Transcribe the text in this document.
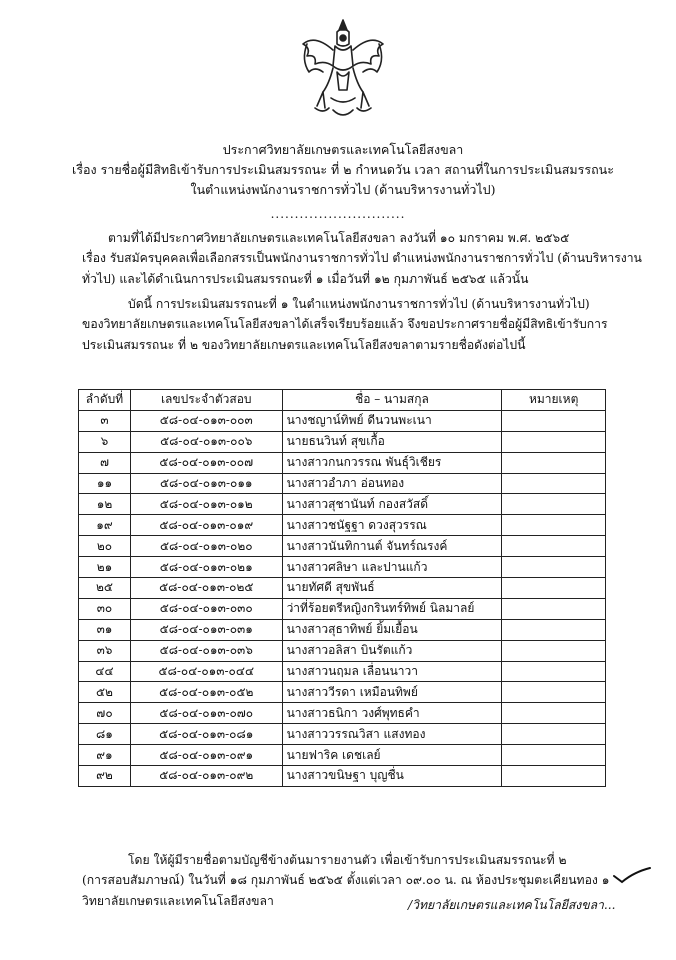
ประกาศวิทยาลัยเกษตรและเทคโนโลยีสงขลา
เรื่อง รายชื่อผู้มีสิทธิเข้ารับการประเมินสมรรถนะ ที่ ๒ กำหนดวัน เวลา สถานที่ในการประเมินสมรรถนะ
ในตำแหน่งพนักงานราชการทั่วไป (ด้านบริหารงานทั่วไป)
............................
ตามที่ได้มีประกาศวิทยาลัยเกษตรและเทคโนโลยีสงขลา ลงวันที่ ๑๐ มกราคม พ.ศ. ๒๕๖๕
เรื่อง รับสมัครบุคคลเพื่อเลือกสรรเป็นพนักงานราชการทั่วไป ตำแหน่งพนักงานราชการทั่วไป (ด้านบริหารงาน
ทั่วไป) และได้ดำเนินการประเมินสมรรถนะที่ ๑ เมื่อวันที่ ๑๒ กุมภาพันธ์ ๒๕๖๕ แล้วนั้น
บัดนี้ การประเมินสมรรถนะที่ ๑ ในตำแหน่งพนักงานราชการทั่วไป (ด้านบริหารงานทั่วไป)
ของวิทยาลัยเกษตรและเทคโนโลยีสงขลาได้เสร็จเรียบร้อยแล้ว จึงขอประกาศรายชื่อผู้มีสิทธิเข้ารับการ
ประเมินสมรรถนะ ที่ ๒ ของวิทยาลัยเกษตรและเทคโนโลยีสงขลาตามรายชื่อดังต่อไปนี้
ลำดับที่	เลขประจำตัวสอบ	ชื่อ – นามสกุล	หมายเหตุ
๓	๕๘-๐๔-๐๑๓-๐๐๓	นางชญาน์ทิพย์ ดีนวนพะเนา	
๖	๕๘-๐๔-๐๑๓-๐๐๖	นายธนวินท์ สุขเกื้อ	
๗	๕๘-๐๔-๐๑๓-๐๐๗	นางสาวกนกวรรณ พันธุ์วิเชียร	
๑๑	๕๘-๐๔-๐๑๓-๐๑๑	นางสาวอำภา อ่อนทอง	
๑๒	๕๘-๐๔-๐๑๓-๐๑๒	นางสาวสุชานันท์ กองสวัสดิ์	
๑๙	๕๘-๐๔-๐๑๓-๐๑๙	นางสาวชนัฐฐา ดวงสุวรรณ	
๒๐	๕๘-๐๔-๐๑๓-๐๒๐	นางสาวนันทิกานต์ จันทร์ณรงค์	
๒๑	๕๘-๐๔-๐๑๓-๐๒๑	นางสาวศลิษา และปานแก้ว	
๒๕	๕๘-๐๔-๐๑๓-๐๒๕	นายทัศดี สุขพันธ์	
๓๐	๕๘-๐๔-๐๑๓-๐๓๐	ว่าที่ร้อยตรีหญิงกรินทร์ทิพย์ นิลมาลย์	
๓๑	๕๘-๐๔-๐๑๓-๐๓๑	นางสาวสุธาทิพย์ ยิ้มเยื้อน	
๓๖	๕๘-๐๔-๐๑๓-๐๓๖	นางสาวอลิสา บินรัตแก้ว	
๔๔	๕๘-๐๔-๐๑๓-๐๔๔	นางสาวนฤมล เลื่อนนาวา	
๕๒	๕๘-๐๔-๐๑๓-๐๕๒	นางสาววีรดา เหมือนทิพย์	
๗๐	๕๘-๐๔-๐๑๓-๐๗๐	นางสาวธนิกา วงศ์พุทธคำ	
๘๑	๕๘-๐๔-๐๑๓-๐๘๑	นางสาววรรณวิสา แสงทอง	
๙๑	๕๘-๐๔-๐๑๓-๐๙๑	นายฟาริค เดชเลย์	
๙๒	๕๘-๐๔-๐๑๓-๐๙๒	นางสาวขนิษฐา บุญชื่น	
โดย ให้ผู้มีรายชื่อตามบัญชีข้างต้นมารายงานตัว เพื่อเข้ารับการประเมินสมรรถนะที่ ๒
(การสอบสัมภาษณ์) ในวันที่ ๑๘ กุมภาพันธ์ ๒๕๖๕ ตั้งแต่เวลา ๐๙.๐๐ น. ณ ห้องประชุมตะเคียนทอง ๑
วิทยาลัยเกษตรและเทคโนโลยีสงขลา	/วิทยาลัยเกษตรและเทคโนโลยีสงขลา...
